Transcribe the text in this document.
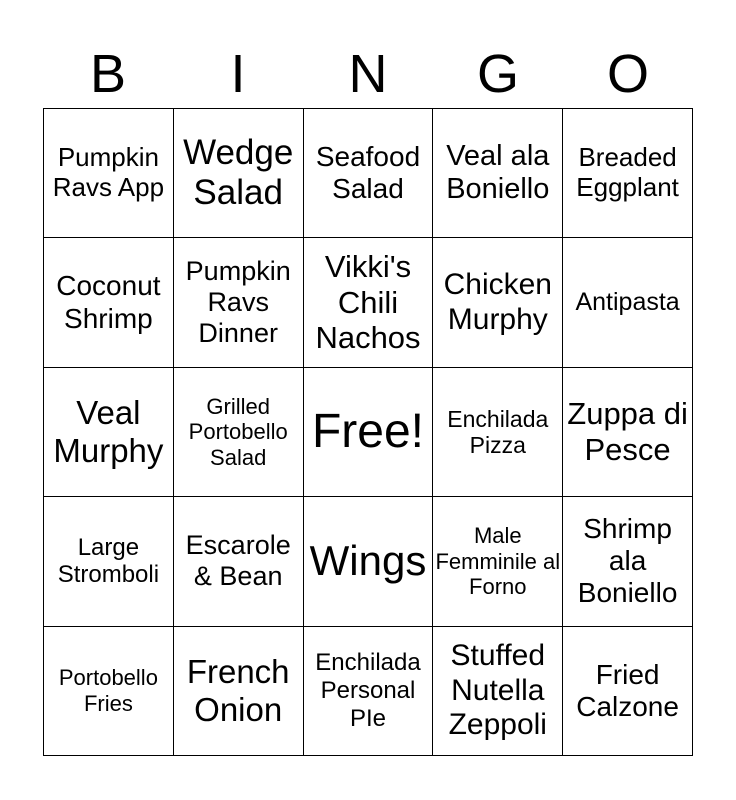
B	I	N	G	O
Pumpkin Ravs App
Wedge Salad
Seafood Salad
Veal ala Boniello
Breaded Eggplant
Coconut Shrimp
Pumpkin Ravs Dinner
Vikki's Chili Nachos
Chicken Murphy
Antipasta
Veal Murphy
Grilled Portobello Salad Free!	Enchilada Pizza
Zuppa di Pesce
Large Stromboli
Escarole & Bean Wings
Male Femminile al Forno
Shrimp ala Boniello
Portobello Fries
French Onion
Enchilada Personal PIe
Stuffed Nutella Zeppoli
Fried Calzone
